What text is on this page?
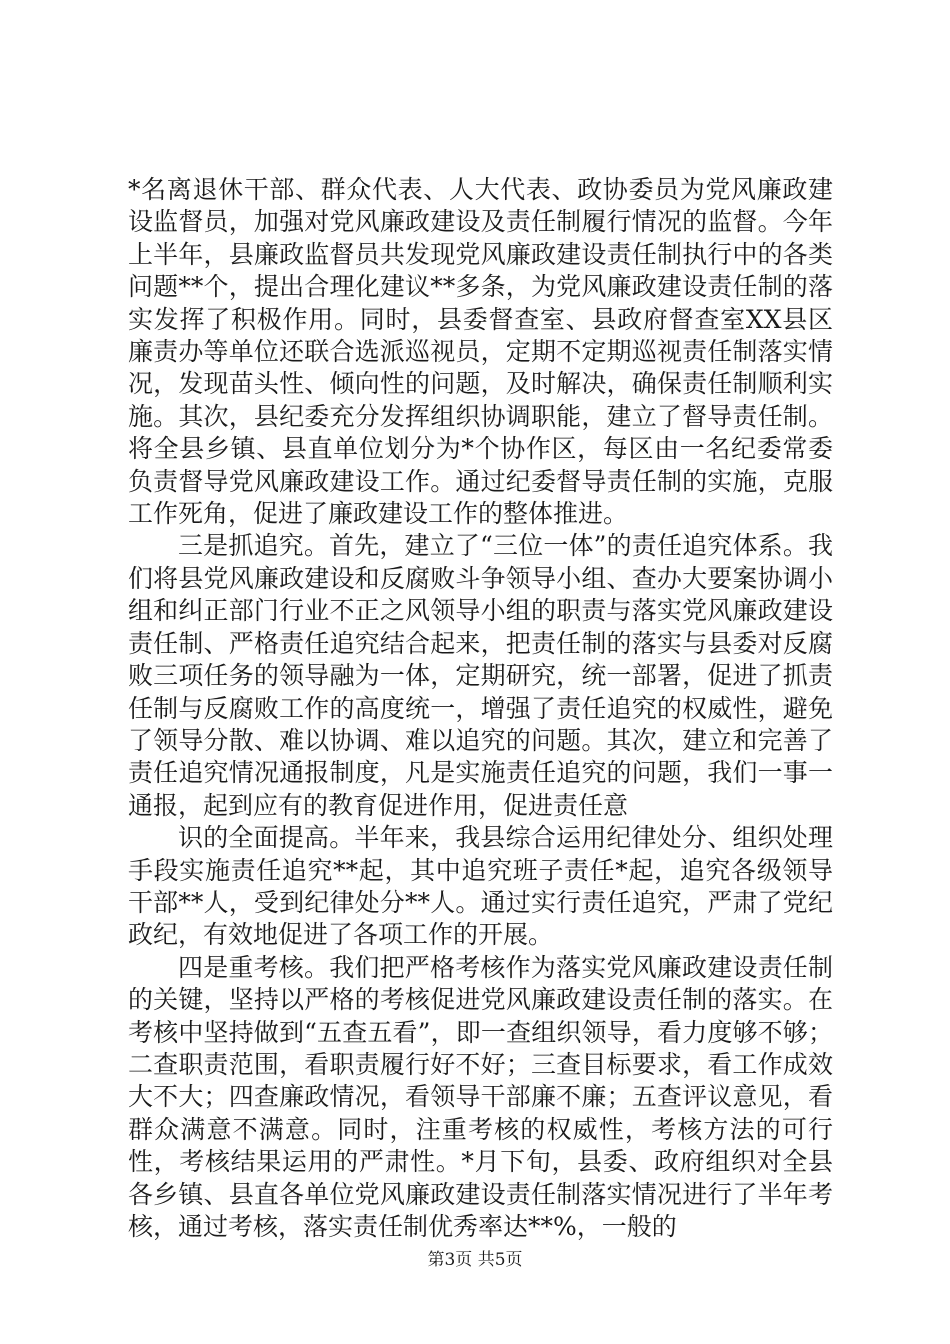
*名离退休干部、群众代表、人大代表、政协委员为党风廉政建设监督员，加强对党风廉政建设及责任制履行情况的监督。今年上半年，县廉政监督员共发现党风廉政建设责任制执行中的各类问题**个，提出合理化建议**多条，为党风廉政建设责任制的落实发挥了积极作用。同时，县委督查室、县政府督查室XX县区廉责办等单位还联合选派巡视员，定期不定期巡视责任制落实情况，发现苗头性、倾向性的问题，及时解决，确保责任制顺利实施。其次，县纪委充分发挥组织协调职能，建立了督导责任制。将全县乡镇、县直单位划分为*个协作区，每区由一名纪委常委负责督导党风廉政建设工作。通过纪委督导责任制的实施，克服工作死角，促进了廉政建设工作的整体推进。

三是抓追究。首先，建立了“三位一体”的责任追究体系。我们将县党风廉政建设和反腐败斗争领导小组、查办大要案协调小组和纠正部门行业不正之风领导小组的职责与落实党风廉政建设责任制、严格责任追究结合起来，把责任制的落实与县委对反腐败三项任务的领导融为一体，定期研究，统一部署，促进了抓责任制与反腐败工作的高度统一，增强了责任追究的权威性，避免了领导分散、难以协调、难以追究的问题。其次，建立和完善了责任追究情况通报制度，凡是实施责任追究的问题，我们一事一通报，起到应有的教育促进作用，促进责任意

识的全面提高。半年来，我县综合运用纪律处分、组织处理手段实施责任追究**起，其中追究班子责任*起，追究各级领导干部**人，受到纪律处分**人。通过实行责任追究，严肃了党纪政纪，有效地促进了各项工作的开展。

四是重考核。我们把严格考核作为落实党风廉政建设责任制的关键，坚持以严格的考核促进党风廉政建设责任制的落实。在考核中坚持做到“五查五看”，即一查组织领导，看力度够不够；二查职责范围，看职责履行好不好；三查目标要求，看工作成效大不大；四查廉政情况，看领导干部廉不廉；五查评议意见，看群众满意不满意。同时，注重考核的权威性，考核方法的可行性，考核结果运用的严肃性。*月下旬，县委、政府组织对全县各乡镇、县直各单位党风廉政建设责任制落实情况进行了半年考核，通过考核，落实责任制优秀率达**%，一般的

第3页 共5页
